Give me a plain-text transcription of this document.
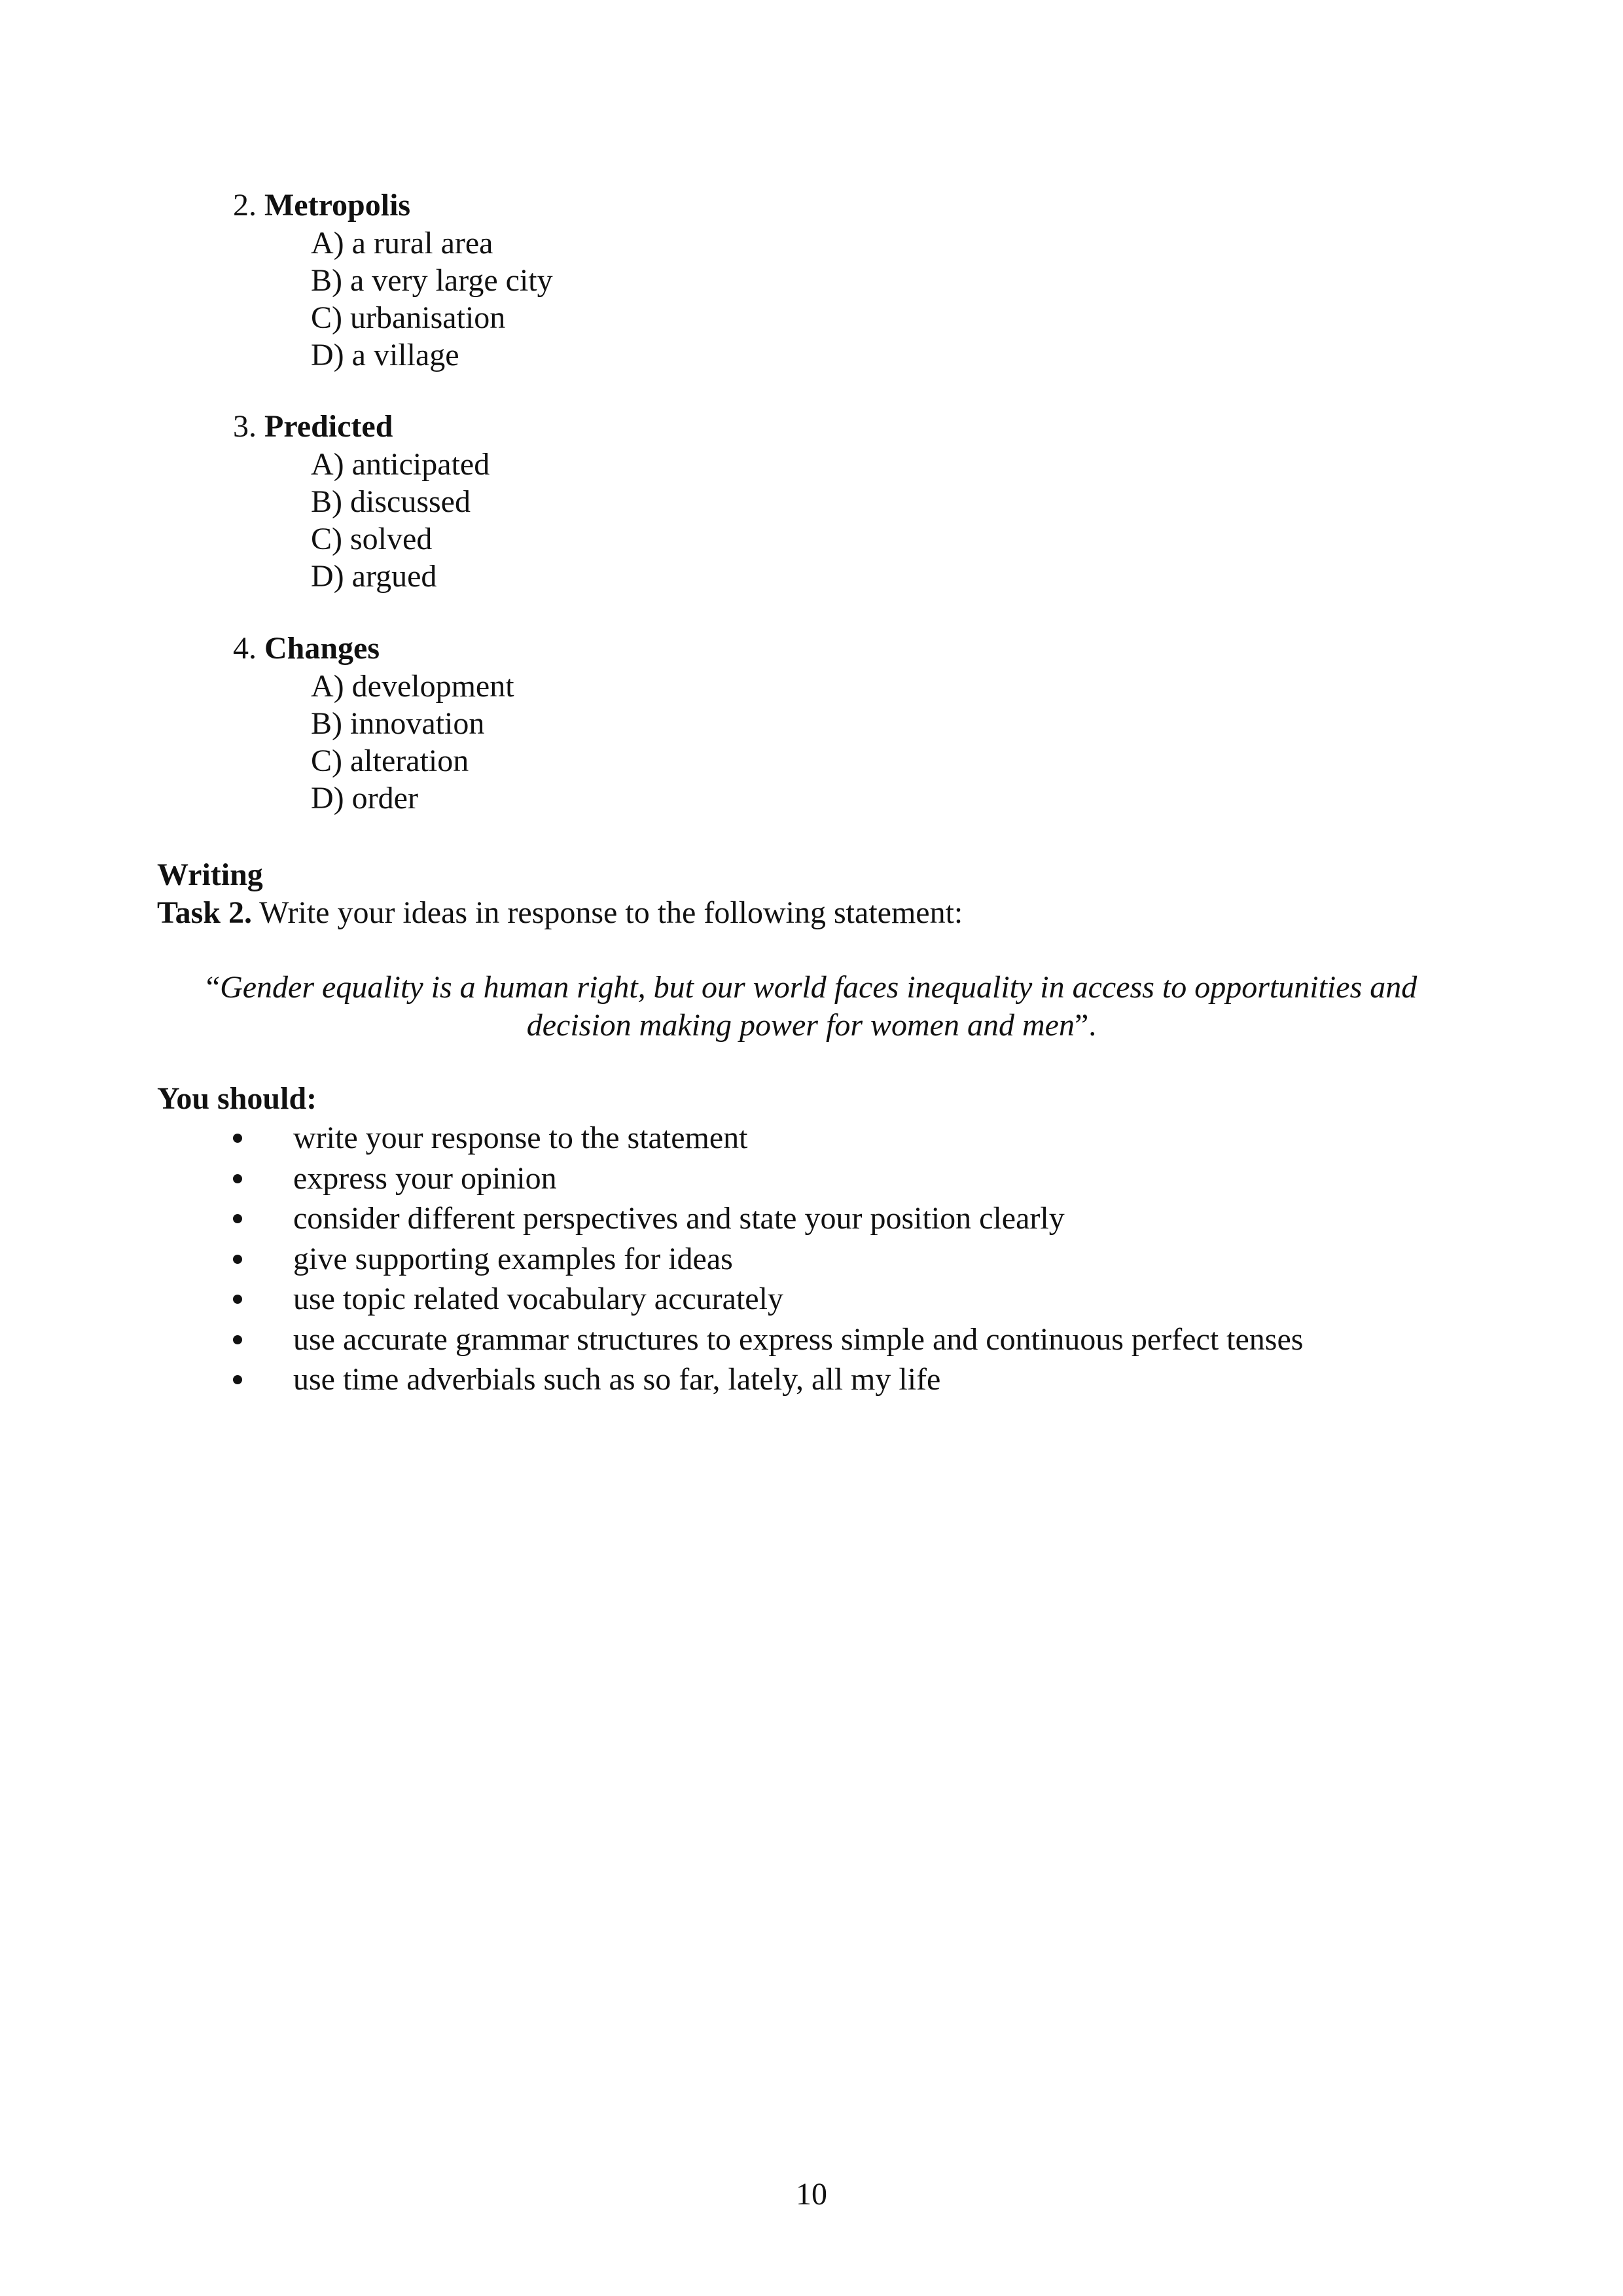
2. Metropolis
A) a rural area
B) a very large city
C) urbanisation
D) a village
3. Predicted
A) anticipated
B) discussed
C) solved
D) argued
4. Changes
A) development
B) innovation
C) alteration
D) order
Writing
Task 2. Write your ideas in response to the following statement:
“Gender equality is a human right, but our world faces inequality in access to opportunities and decision making power for women and men”.
You should:
write your response to the statement
express your opinion
consider different perspectives and state your position clearly
give supporting examples for ideas
use topic related vocabulary accurately
use accurate grammar structures to express simple and continuous perfect tenses
use time adverbials such as so far, lately, all my life
10
